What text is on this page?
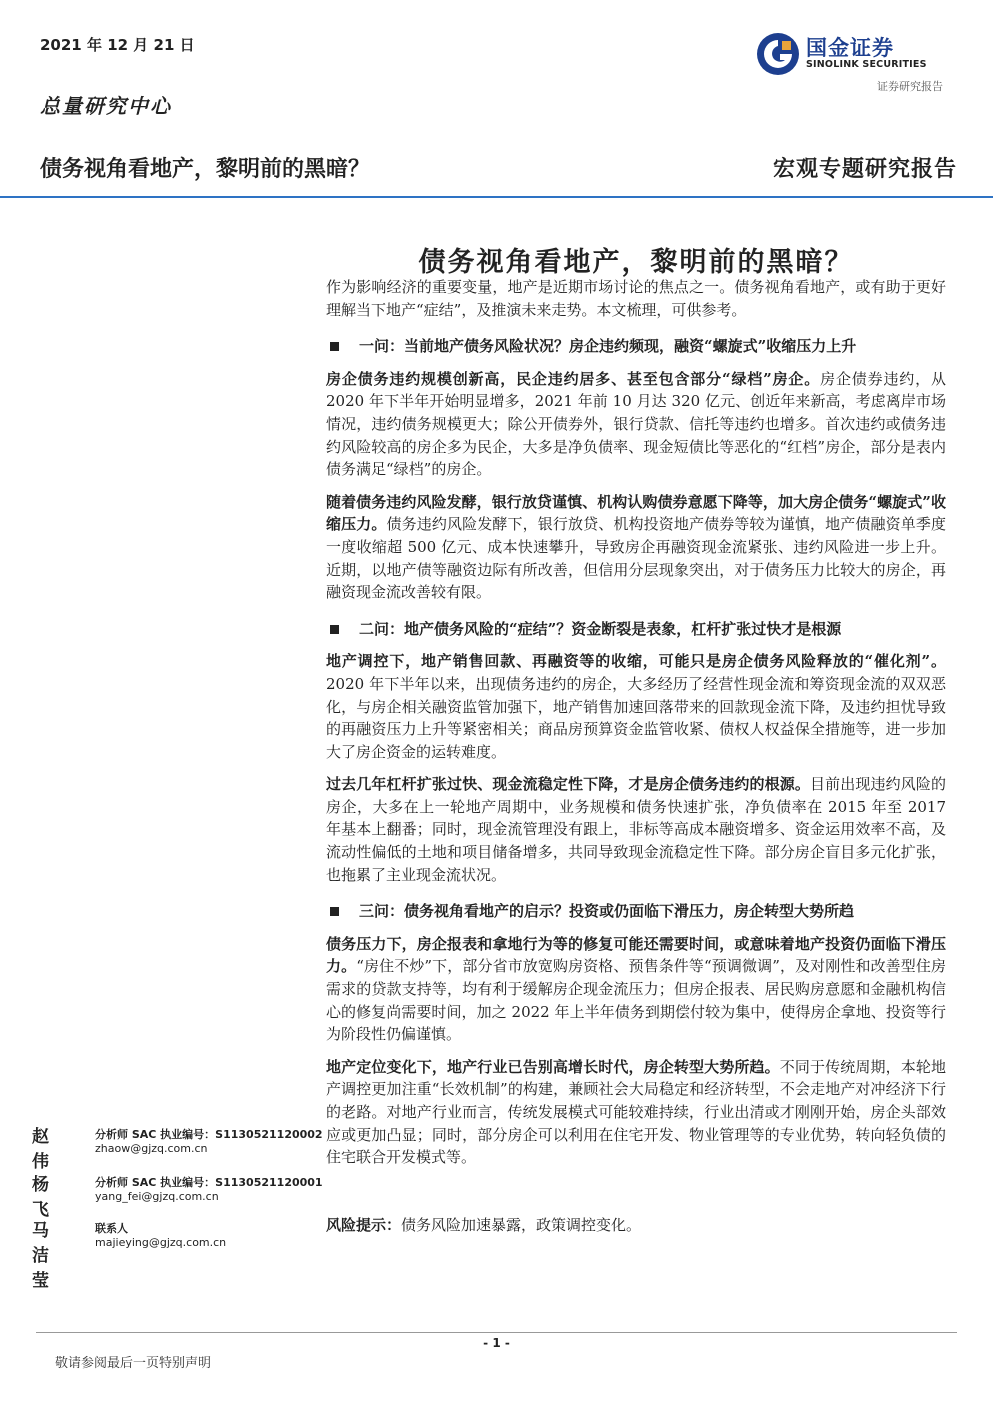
2021 年 12 月 21 日
总量研究中心
国金证券
SINOLINK SECURITIES
证券研究报告
债务视角看地产，黎明前的黑暗？	宏观专题研究报告
债务视角看地产，黎明前的黑暗？

作为影响经济的重要变量，地产是近期市场讨论的焦点之一。债务视角看地产，或有助于更好理解当下地产“症结”，及推演未来走势。本文梳理，可供参考。

一问：当前地产债务风险状况？房企违约频现，融资“螺旋式”收缩压力上升

房企债务违约规模创新高，民企违约居多、甚至包含部分“绿档”房企。房企债券违约，从 2020 年下半年开始明显增多，2021 年前 10 月达 320 亿元、创近年来新高，考虑离岸市场情况，违约债务规模更大；除公开债券外，银行贷款、信托等违约也增多。首次违约或债务违约风险较高的房企多为民企，大多是净负债率、现金短债比等恶化的“红档”房企，部分是表内债务满足“绿档”的房企。

随着债务违约风险发酵，银行放贷谨慎、机构认购债券意愿下降等，加大房企债务“螺旋式”收缩压力。债务违约风险发酵下，银行放贷、机构投资地产债券等较为谨慎，地产债融资单季度一度收缩超 500 亿元、成本快速攀升，导致房企再融资现金流紧张、违约风险进一步上升。近期，以地产债等融资边际有所改善，但信用分层现象突出，对于债务压力比较大的房企，再融资现金流改善较有限。

二问：地产债务风险的“症结”？资金断裂是表象，杠杆扩张过快才是根源

地产调控下，地产销售回款、再融资等的收缩，可能只是房企债务风险释放的“催化剂”。2020 年下半年以来，出现债务违约的房企，大多经历了经营性现金流和筹资现金流的双双恶化，与房企相关融资监管加强下，地产销售加速回落带来的回款现金流下降，及违约担忧导致的再融资压力上升等紧密相关；商品房预算资金监管收紧、债权人权益保全措施等，进一步加大了房企资金的运转难度。

过去几年杠杆扩张过快、现金流稳定性下降，才是房企债务违约的根源。目前出现违约风险的房企，大多在上一轮地产周期中，业务规模和债务快速扩张，净负债率在 2015 年至 2017 年基本上翻番；同时，现金流管理没有跟上，非标等高成本融资增多、资金运用效率不高，及流动性偏低的土地和项目储备增多，共同导致现金流稳定性下降。部分房企盲目多元化扩张，也拖累了主业现金流状况。

三问：债务视角看地产的启示？投资或仍面临下滑压力，房企转型大势所趋

债务压力下，房企报表和拿地行为等的修复可能还需要时间，或意味着地产投资仍面临下滑压力。“房住不炒”下，部分省市放宽购房资格、预售条件等“预调微调”，及对刚性和改善型住房需求的贷款支持等，均有利于缓解房企现金流压力；但房企报表、居民购房意愿和金融机构信心的修复尚需要时间，加之 2022 年上半年债务到期偿付较为集中，使得房企拿地、投资等行为阶段性仍偏谨慎。

地产定位变化下，地产行业已告别高增长时代，房企转型大势所趋。不同于传统周期，本轮地产调控更加注重“长效机制”的构建，兼顾社会大局稳定和经济转型，不会走地产对冲经济下行的老路。对地产行业而言，传统发展模式可能较难持续，行业出清或才刚刚开始，房企头部效应或更加凸显；同时，部分房企可以利用在住宅开发、物业管理等的专业优势，转向轻负债的住宅联合开发模式等。

赵伟
分析师 SAC 执业编号：S1130521120002
zhaow@gjzq.com.cn
杨飞
分析师 SAC 执业编号：S1130521120001
yang_fei@gjzq.com.cn
马洁莹
联系人
majieying@gjzq.com.cn
风险提示：债务风险加速暴露，政策调控变化。
- 1 -
敬请参阅最后一页特别声明
